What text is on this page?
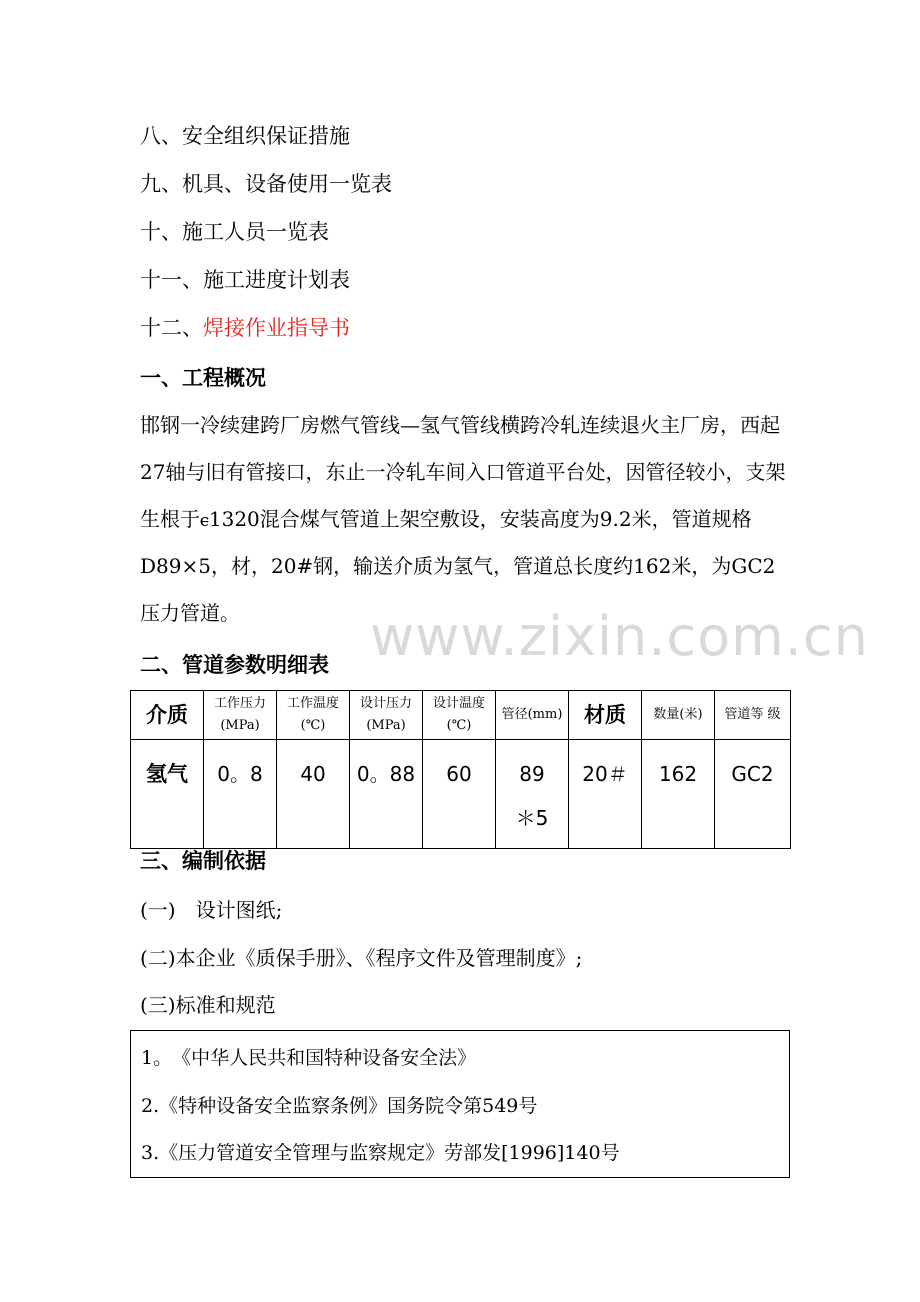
www.zixin.com.cn
八、安全组织保证措施
九、机具、设备使用一览表
十、施工人员一览表
十一、施工进度计划表
十二、焊接作业指导书
一、工程概况
邯钢一冷续建跨厂房燃气管线—氢气管线横跨冷轧连续退火主厂房，西起27轴与旧有管接口，东止一冷轧车间入口管道平台处，因管径较小，支架生根于ⲉ1320混合煤气管道上架空敷设，安装高度为9.2米，管道规格D89×5，材，20#钢，输送介质为氢气，管道总长度约162米，为GC2压力管道。
二、管道参数明细表
介质	工作压力(MPa)	工作温度(℃)	设计压力(MPa)	设计温度(℃)	管径(mm)	材质	数量(米)	管道等 级
氢气	0。8	40	0。88	60	89＊5	20＃	162	GC2
三、编制依据
(一)　设计图纸;
(二)本企业《质保手册》、《程序文件及管理制度》;
(三)标准和规范
1。　《中华人民共和国特种设备安全法》
2.《特种设备安全监察条例》国务院令第549号
3.《压力管道安全管理与监察规定》劳部发[1996]140号
